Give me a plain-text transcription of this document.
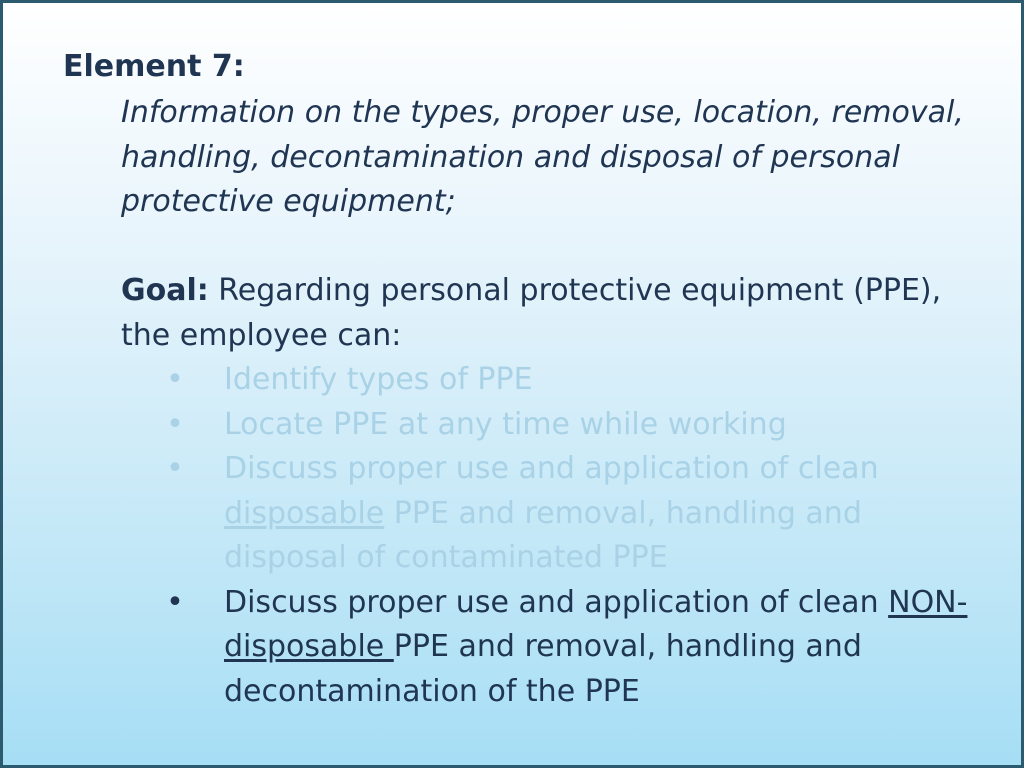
Element 7:

Information on the types, proper use, location, removal,
handling, decontamination and disposal of personal
protective equipment;

Goal: Regarding personal protective equipment (PPE),
the employee can:

• Identify types of PPE
• Locate PPE at any time while working
• Discuss proper use and application of clean
disposable PPE and removal, handling and
disposal of contaminated PPE
• Discuss proper use and application of clean NON-
disposable PPE and removal, handling and
decontamination of the PPE
